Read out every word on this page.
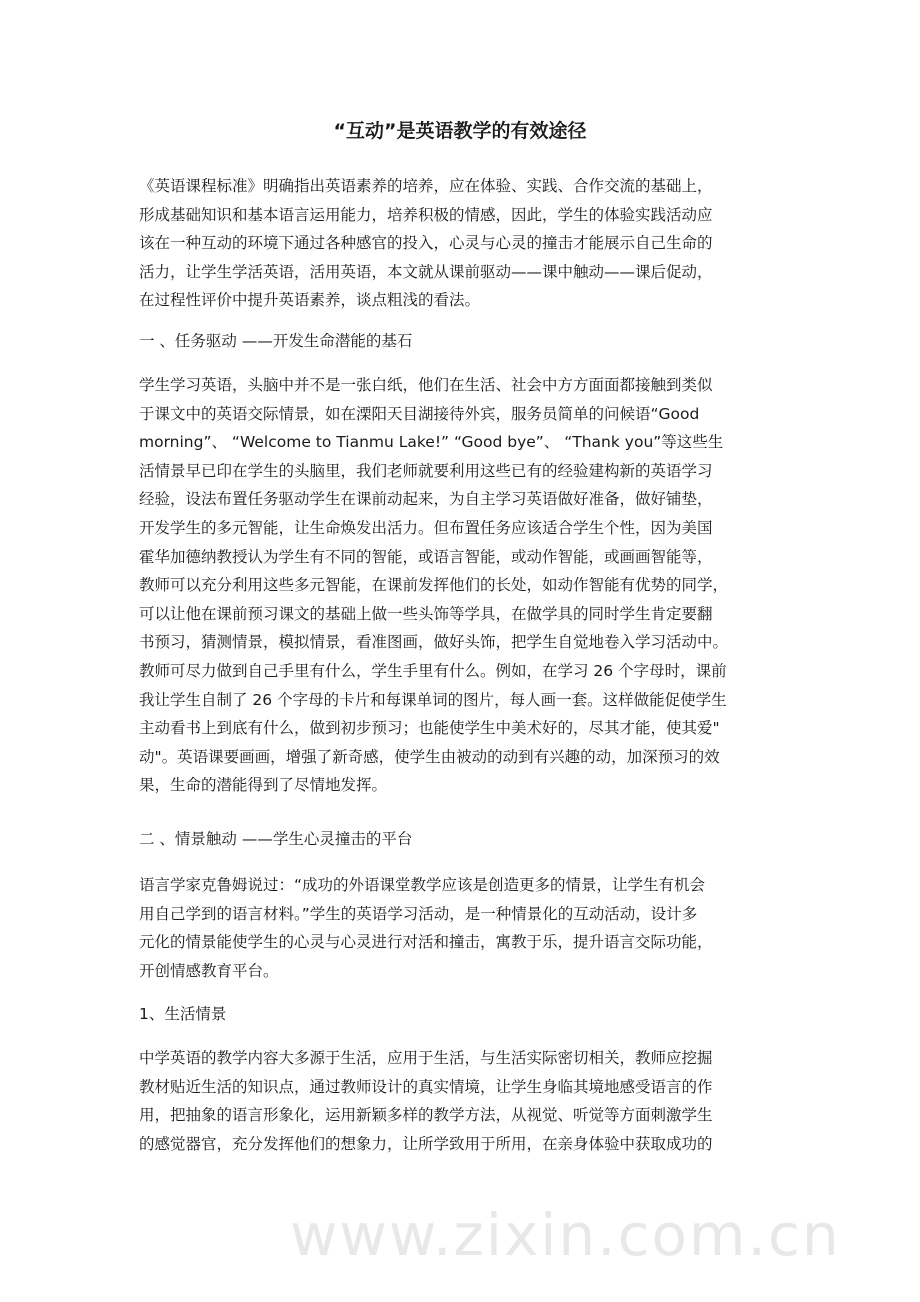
“互动”是英语教学的有效途径
《英语课程标准》明确指出英语素养的培养，应在体验、实践、合作交流的基础上，
形成基础知识和基本语言运用能力，培养积极的情感，因此，学生的体验实践活动应
该在一种互动的环境下通过各种感官的投入，心灵与心灵的撞击才能展示自己生命的
活力，让学生学活英语，活用英语，本文就从课前驱动——课中触动——课后促动，
在过程性评价中提升英语素养，谈点粗浅的看法。
一 、任务驱动 ——开发生命潜能的基石
学生学习英语，头脑中并不是一张白纸，他们在生活、社会中方方面面都接触到类似
于课文中的英语交际情景，如在溧阳天目湖接待外宾，服务员简单的问候语“Good
morning”、 “Welcome to Tianmu Lake!” “Good bye”、 “Thank you”等这些生
活情景早已印在学生的头脑里，我们老师就要利用这些已有的经验建构新的英语学习
经验，设法布置任务驱动学生在课前动起来，为自主学习英语做好准备，做好铺垫，
开发学生的多元智能，让生命焕发出活力。但布置任务应该适合学生个性，因为美国
霍华加德纳教授认为学生有不同的智能，或语言智能，或动作智能，或画画智能等，
教师可以充分利用这些多元智能，在课前发挥他们的长处，如动作智能有优势的同学，
可以让他在课前预习课文的基础上做一些头饰等学具，在做学具的同时学生肯定要翻
书预习，猜测情景，模拟情景，看准图画，做好头饰，把学生自觉地卷入学习活动中。
教师可尽力做到自己手里有什么，学生手里有什么。例如，在学习 26 个字母时，课前
我让学生自制了 26 个字母的卡片和每课单词的图片，每人画一套。这样做能促使学生
主动看书上到底有什么，做到初步预习；也能使学生中美术好的，尽其才能，使其爱"
动"。英语课要画画，增强了新奇感，使学生由被动的动到有兴趣的动，加深预习的效
果，生命的潜能得到了尽情地发挥。
二 、情景触动 ——学生心灵撞击的平台
语言学家克鲁姆说过：“成功的外语课堂教学应该是创造更多的情景，让学生有机会
用自己学到的语言材料。”学生的英语学习活动，是一种情景化的互动活动，设计多
元化的情景能使学生的心灵与心灵进行对活和撞击，寓教于乐，提升语言交际功能，
开创情感教育平台。
1、生活情景
中学英语的教学内容大多源于生活，应用于生活，与生活实际密切相关，教师应挖掘
教材贴近生活的知识点，通过教师设计的真实情境，让学生身临其境地感受语言的作
用，把抽象的语言形象化，运用新颖多样的教学方法，从视觉、听觉等方面刺激学生
的感觉器官，充分发挥他们的想象力，让所学致用于所用，在亲身体验中获取成功的
www.zixin.com.cn
